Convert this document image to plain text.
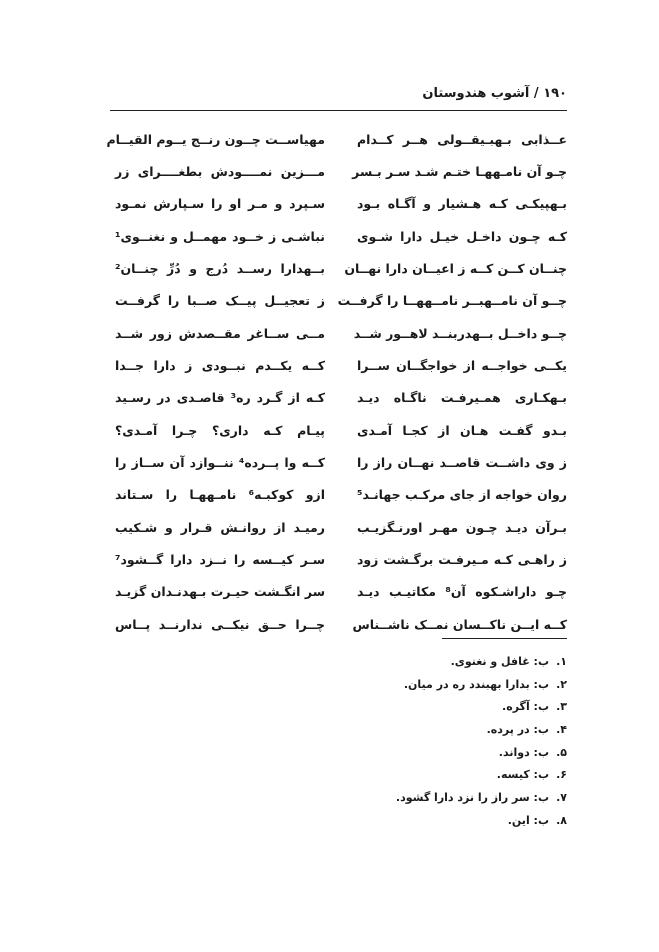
۱۹۰ / آشوب هندوستان
عــذابی بـهبـیقــولی هــر کــدام
مهیاســت چــون رنــج یــوم القیــام
چـو آن نامـههـا ختـم شـد سـر بـسر
مـــزین نمــــودش بطغــــرای زر
بـهپیکـی کـه هـشیار و آگـاه بـود
سـپرد و مـر او را سـپارش نمـود
کـه چـون داخـل خیـل دارا شـوی
نباشـی ز خــود مهمــل و نغنــوی¹
چنــان کــن کــه ز اعیــان دارا نهــان
بــهدارا رســد دُرج و دُرِّ چنــان²
چــو آن نامــهبــر نامــههــا را گرفــت
ز تعجیــل پیــک صــبا را گرفــت
چــو داخــل بــهدربنــد لاهــور شــد
مــی ســاغر مقــصدش زور شــد
یکــی خواجــه از خواجگــان ســرا
کــه یکــدم نبــودی ز دارا جــدا
بـهکـاری همـیرفـت ناگـاه دیـد
کـه از گـرد ره³ قاصـدی در رسـید
بـدو گفـت هـان از کجـا آمـدی
پیـام کـه داری؟ چـرا آمـدی؟
ز وی داشــت قاصــد نهــان راز را
کــه وا پــرده⁴ ننــوازد آن ســاز را
روان خواجه از جای مرکـب جهانـد⁵
ازو کوکبـه⁶ نامـههـا را سـتاند
بـرآن دیـد چـون مهـر اورنـگزیـب
رمیـد از روانـش قـرار و شـکیب
ز راهـی کـه مـیرفـت برگـشت زود
سـر کیــسه را نــزد دارا گــشود⁷
چـو داراشـکوه آن⁸ مکاتیـب دیـد
سر انگـشت حیـرت بـهدنـدان گزیـد
کــه ایــن ناکــسان نمــک ناشــناس
چــرا حــق نیکــی ندارنــد پــاس
۱.
ب: غافل و نغنوی.
۲.
ب: بدارا بهبندد ره در میان.
۳.
ب: آگره.
۴.
ب: در پرده.
۵.
ب: دواند.
۶.
ب: کیسه.
۷.
ب: سر راز را نزد دارا گشود.
۸.
ب: این.
